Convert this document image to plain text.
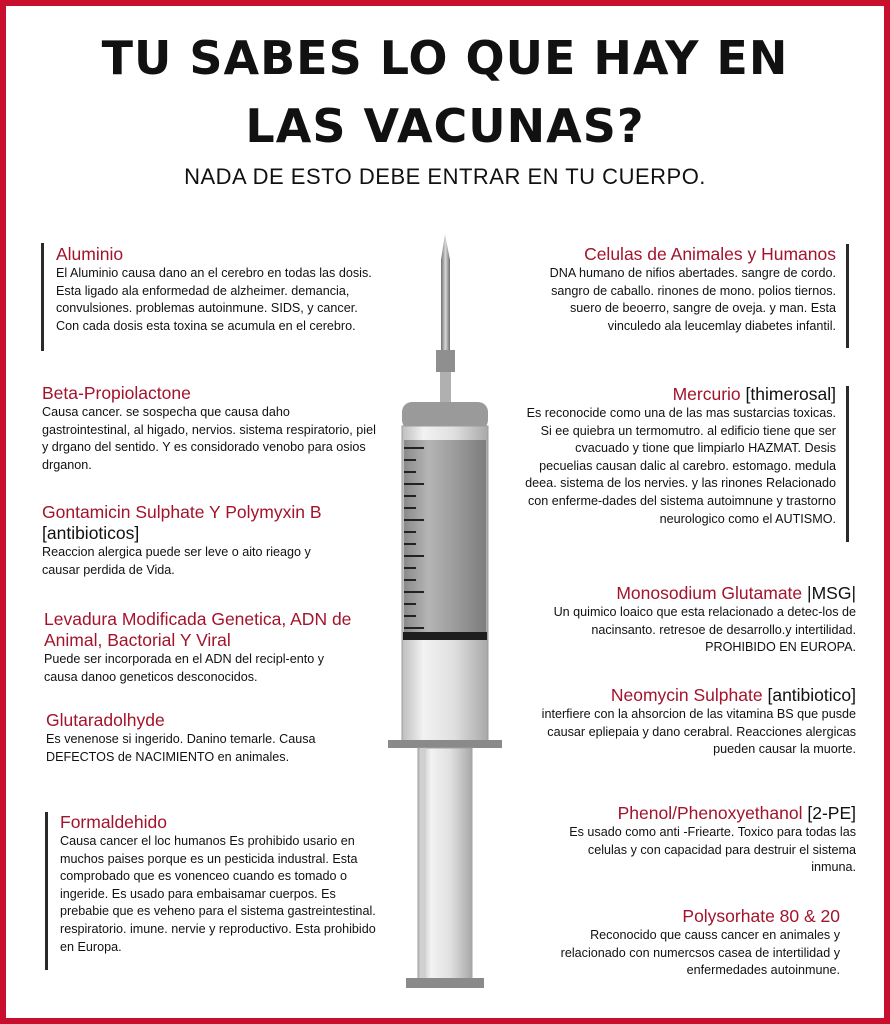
TU SABES LO QUE HAY EN
LAS VACUNAS?
NADA DE ESTO DEBE ENTRAR EN TU CUERPO.
Aluminio

El Aluminio causa dano an el cerebro en todas las dosis. Esta ligado ala enformedad de alzheimer. demancia, convulsiones. problemas autoinmune. SIDS, y cancer. Con cada dosis esta toxina se acumula en el cerebro.

Beta-Propiolactone

Causa cancer. se sospecha que causa daho gastrointestinal, al higado, nervios. sistema respiratorio, piel y drgano del sentido. Y es considorado venobo para osios drganon.

Gontamicin Sulphate Y Polymyxin B [antibioticos]

Reaccion alergica puede ser leve o aito rieago y causar perdida de Vida.

Levadura Modificada Genetica, ADN de Animal, Bactorial Y Viral

Puede ser incorporada en el ADN del recipl-ento y causa danoo geneticos desconocidos.

Glutaradolhyde

Es venenose si ingerido. Danino temarle. Causa DEFECTOS de NACIMIENTO en animales.

Formaldehido

Causa cancer el loc humanos Es prohibido usario en muchos paises porque es un pesticida industral. Esta comprobado que es vonenceo cuando es tomado o ingeride. Es usado para embaisamar cuerpos. Es prebabie que es veheno para el sistema gastreintestinal. respiratorio. imune. nervie y reproductivo. Esta prohibido en Europa.

Celulas de Animales y Humanos

DNA humano de nifios abertades. sangre de cordo. sangro de caballo. rinones de mono. polios tiernos. suero de beoerro, sangre de oveja. y man. Esta vinculedo ala leucemlay diabetes infantil.

Mercurio [thimerosal]

Es reconocide como una de las mas sustarcias toxicas. Si ee quiebra un termomutro. al edificio tiene que ser cvacuado y tione que limpiarlo HAZMAT. Desis pecuelias causan dalic al carebro. estomago. medula deea. sistema de los nervies. y las rinones Relacionado con enferme-dades del sistema autoimnune y trastorno neurologico como el AUTISMO.

Monosodium Glutamate |MSG|

Un quimico loaico que esta relacionado a detec-los de nacinsanto. retresoe de desarrollo.y intertilidad. PROHIBIDO EN EUROPA.

Neomycin Sulphate [antibiotico]

interfiere con la ahsorcion de las vitamina BS que pusde causar epliepaia y dano cerabral. Reacciones alergicas pueden causar la muorte.

Phenol/Phenoxyethanol [2-PE]

Es usado como anti -Friearte. Toxico para todas las celulas y con capacidad para destruir el sistema inmuna.

Polysorhate 80 & 20

Reconocido que causs cancer en animales y relacionado con numercsos casea de intertilidad y enfermedades autoinmune.
